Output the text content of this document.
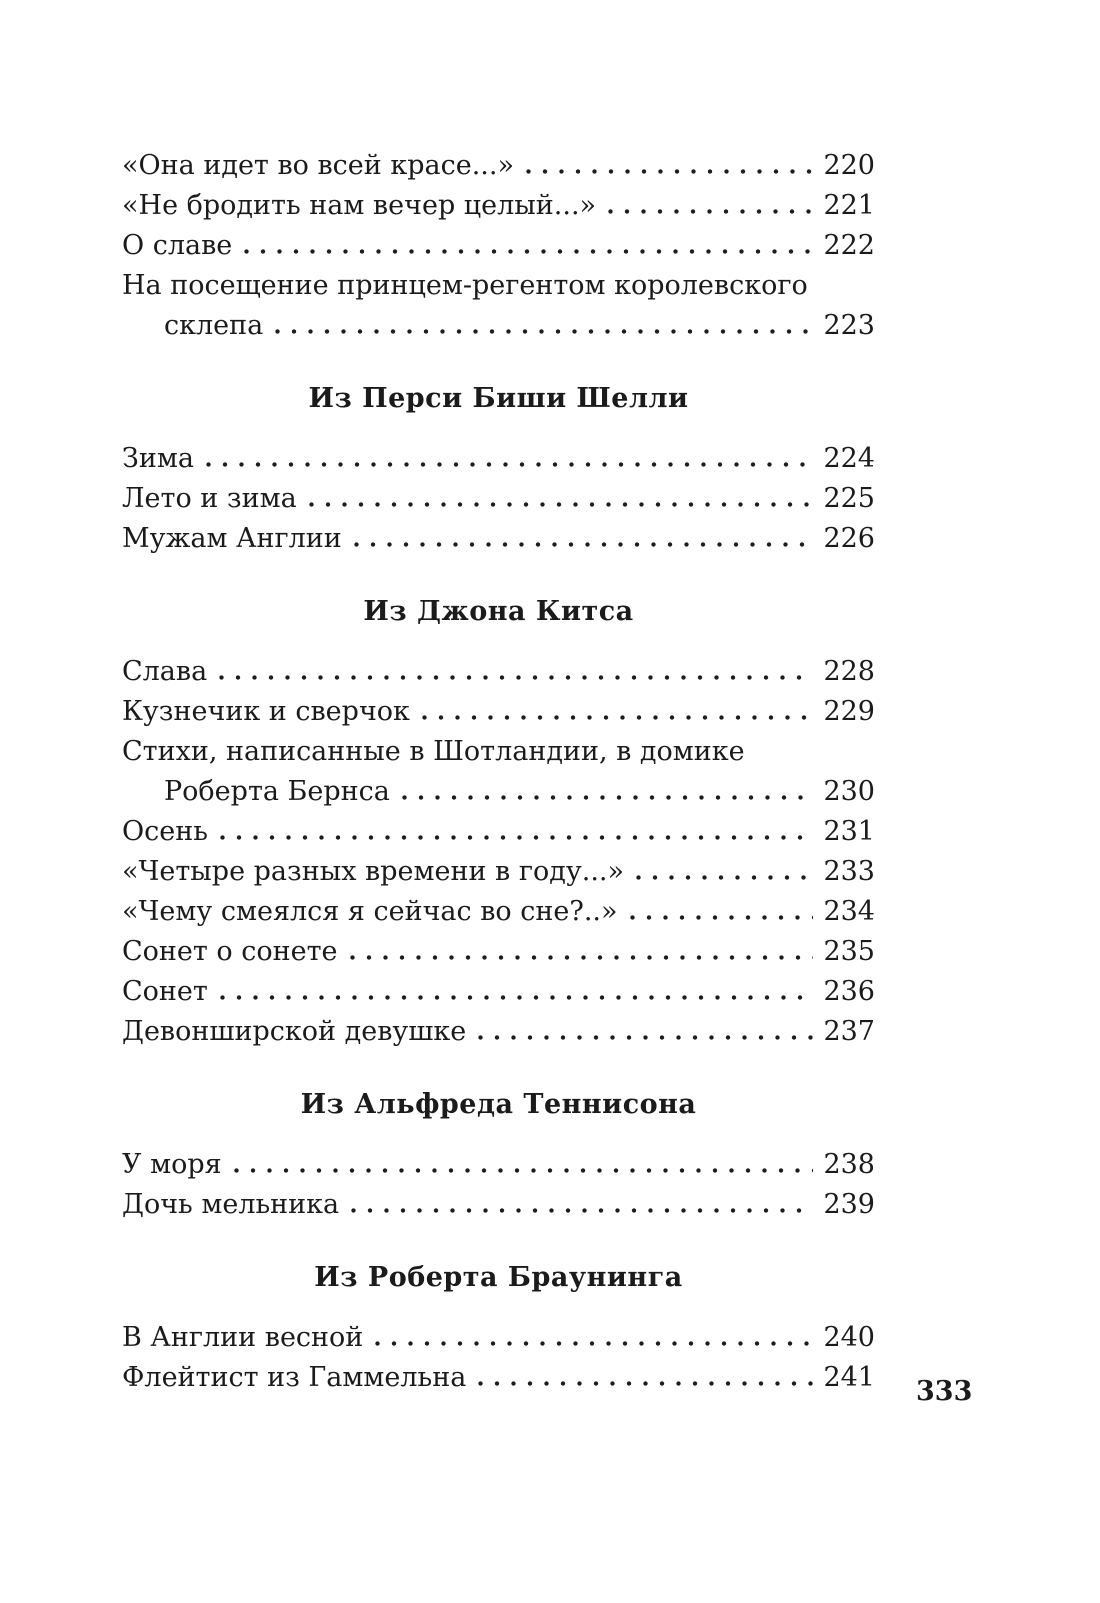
«Она идет во всей красе...»	220
«Не бродить нам вечер целый...»	221
О славе	222
На посещение принцем-регентом королевского
склепа	223
Из Перси Биши Шелли
Зима	224
Лето и зима	225
Мужам Англии	226
Из Джона Китса
Слава	228
Кузнечик и сверчок	229
Стихи, написанные в Шотландии, в домике
Роберта Бернса	230
Осень	231
«Четыре разных времени в году...»	233
«Чему смеялся я сейчас во сне?..»	234
Сонет о сонете	235
Сонет	236
Девонширской девушке	237
Из Альфреда Теннисона
У моря	238
Дочь мельника	239
Из Роберта Браунинга
В Англии весной	240
Флейтист из Гаммельна	241 333
